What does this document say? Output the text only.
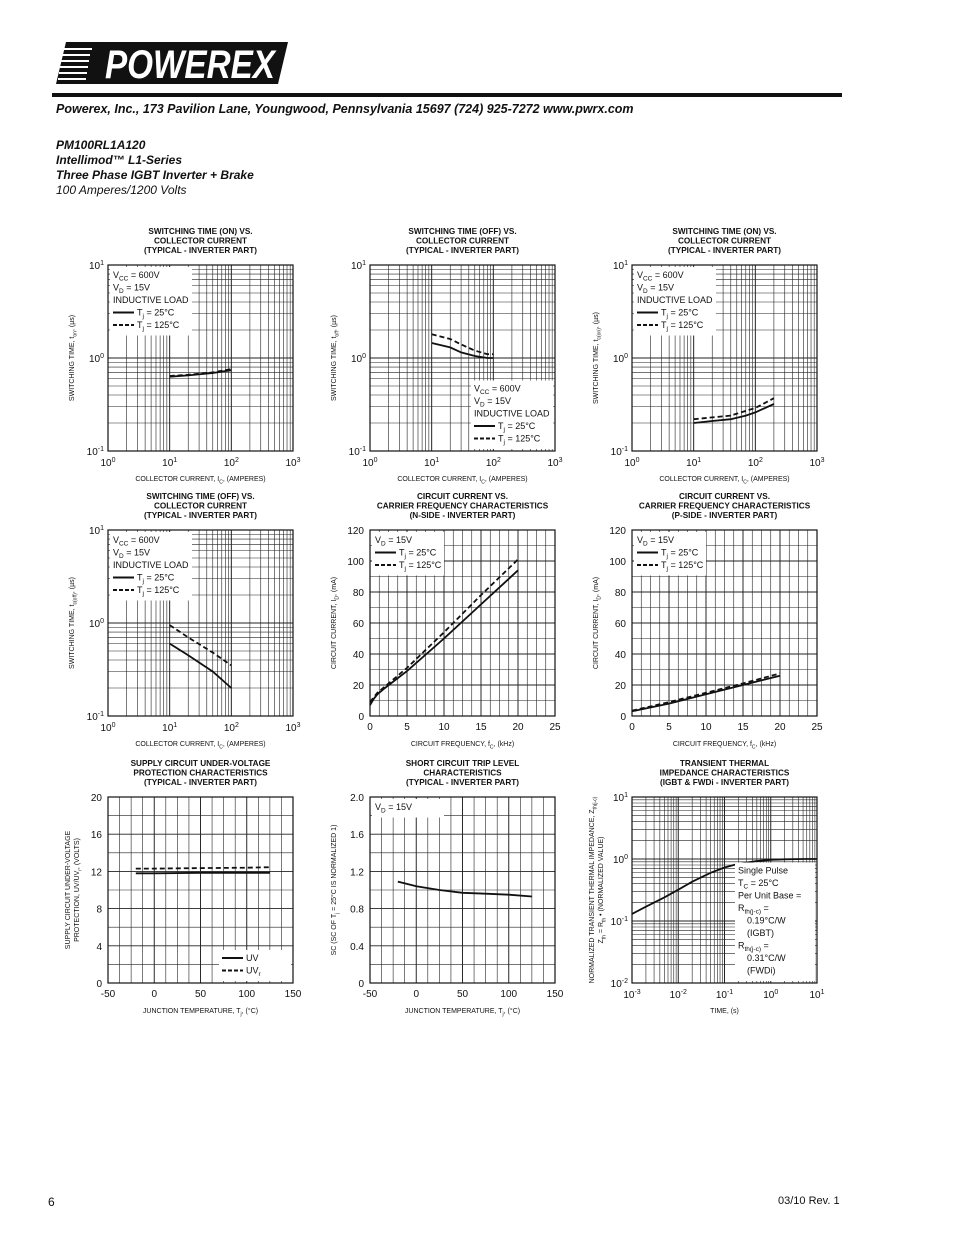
POWEREX
Powerex, Inc., 173 Pavilion Lane, Youngwood, Pennsylvania 15697 (724) 925-7272 www.pwrx.com
PM100RL1A120
Intellimod™ L1-Series
Three Phase IGBT Inverter + Brake
100 Amperes/1200 Volts
SWITCHING TIME (ON) VS.
COLLECTOR CURRENT
(TYPICAL - INVERTER PART)
$10^0$	$10^1$	$10^2$	$10^3$
$10^1$
$10^0$
$10^{-1}$
COLLECTOR CURRENT, $I_C$, (AMPERES)
SWITCHING TIME, $t_{on}$, (µs)
$V_{CC} = 600V$
$V_D = 15V$
INDUCTIVE LOAD
$T_j = 25^\circ C$
$T_j = 125^\circ C$
SWITCHING TIME (OFF) VS.
COLLECTOR CURRENT
(TYPICAL - INVERTER PART)
$10^0$	$10^1$	$10^2$	$10^3$
$10^1$
$10^0$
$10^{-1}$
COLLECTOR CURRENT, $I_C$, (AMPERES)
SWITCHING TIME, $t_{off}$, (µs)
$V_{CC} = 600V$
$V_D = 15V$
INDUCTIVE LOAD
$T_j = 25^\circ C$
$T_j = 125^\circ C$
SWITCHING TIME (ON) VS.
COLLECTOR CURRENT
(TYPICAL - INVERTER PART)
$10^0$	$10^1$	$10^2$	$10^3$
$10^1$
$10^0$
$10^{-1}$
COLLECTOR CURRENT, $I_C$, (AMPERES)
SWITCHING TIME, $t_{c(on)}$, (µs)
$V_{CC} = 600V$
$V_D = 15V$
INDUCTIVE LOAD
$T_j = 25^\circ C$
$T_j = 125^\circ C$
SWITCHING TIME (OFF) VS.
COLLECTOR CURRENT
(TYPICAL - INVERTER PART)
$10^0$	$10^1$	$10^2$	$10^3$
$10^1$
$10^0$
$10^{-1}$
COLLECTOR CURRENT, $I_C$, (AMPERES)
SWITCHING TIME, $t_{c(off)}$, (µs)
$V_{CC} = 600V$
$V_D = 15V$
INDUCTIVE LOAD
$T_j = 25^\circ C$
$T_j = 125^\circ C$
CIRCUIT CURRENT VS.
CARRIER FREQUENCY CHARACTERISTICS
(N-SIDE - INVERTER PART)
0	5	10	15	20	25
120
100
80
60
40
20
0
CIRCUIT FREQUENCY, $f_C$, (kHz)
CIRCUIT CURRENT, $I_D$, (mA)
$V_D = 15V$
$T_j = 25^\circ C$
$T_j = 125^\circ C$
CIRCUIT CURRENT VS.
CARRIER FREQUENCY CHARACTERISTICS
(P-SIDE - INVERTER PART)
0	5	10	15	20	25
120
100
80
60
40
20
0
CIRCUIT FREQUENCY, $f_C$, (kHz)
CIRCUIT CURRENT, $I_D$, (mA)
$V_D = 15V$
$T_j = 25^\circ C$
$T_j = 125^\circ C$
SUPPLY CIRCUIT UNDER-VOLTAGE
PROTECTION CHARACTERISTICS
(TYPICAL - INVERTER PART)
-50	0	50	100	150
20
16
12
8
4
0
JUNCTION TEMPERATURE, $T_j$, (°C)
SUPPLY CIRCUIT UNDER-VOLTAGE PROTECTION, $UV/UV_r$, (VOLTS)
UV
$UV_r$
SHORT CIRCUIT TRIP LEVEL
CHARACTERISTICS
(TYPICAL - INVERTER PART)
-50	0	50	100	150
2.0
1.6
1.2
0.8
0.4
0
JUNCTION TEMPERATURE, $T_j$, (°C)
SC (SC OF $T_j = 25^\circ C$ IS NORMALIZED 1)
$V_D = 15V$
TRANSIENT THERMAL
IMPEDANCE CHARACTERISTICS
(IGBT & FWDi - INVERTER PART)
$10^{-3}$	$10^{-2}$	$10^{-1}$	$10^0$	$10^1$
$10^1$
$10^0$
$10^{-1}$
$10^{-2}$
TIME, (s)
NORMALIZED TRANSIENT THERMAL IMPEDANCE, $Z_{th(j-c)}$
$Z_{th} = R_{th}$ • (NORMALIZED VALUE)	Single Pulse
$T_C = 25^\circ C$
Per Unit Base =
$R_{th(j-c)}$ =
0.19°C/W
(IGBT)
$R_{th(j-c)}$ =
0.31°C/W
(FWDi)
6	03/10 Rev. 1
